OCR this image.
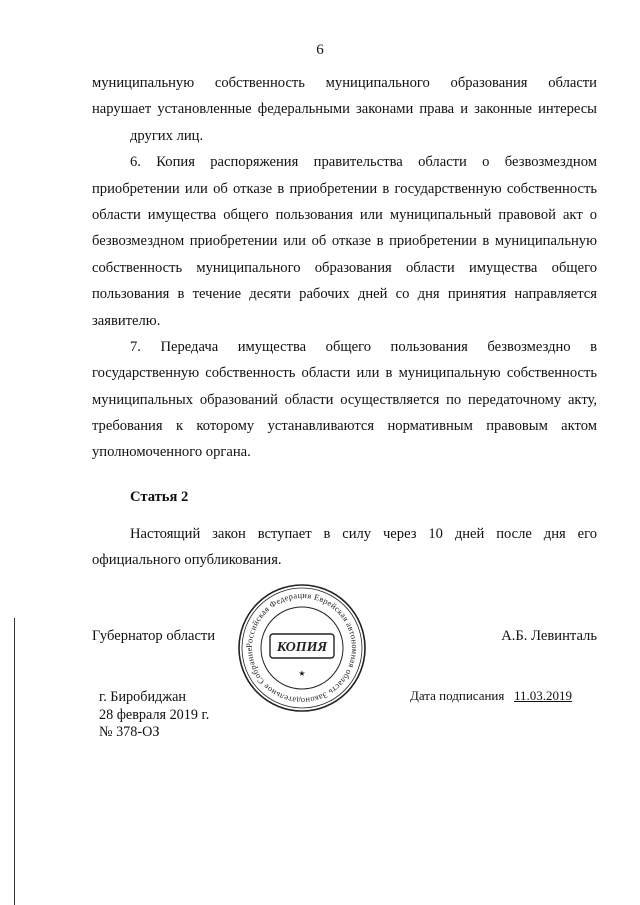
6
муниципальную собственность муниципального образования области
нарушает установленные федеральными законами права и законные интересы
других лиц.
6. Копия распоряжения правительства области о безвозмездном
приобретении или об отказе в приобретении в государственную собственность
области имущества общего пользования или муниципальный правовой акт о
безвозмездном приобретении или об отказе в приобретении в муниципальную
собственность муниципального образования области имущества общего
пользования в течение десяти рабочих дней со дня принятия направляется
заявителю.
7. Передача имущества общего пользования безвозмездно в
государственную собственность области или в муниципальную собственность
муниципальных образований области осуществляется по передаточному акту,
требования к которому устанавливаются нормативным правовым актом
уполномоченного органа.
Статья 2
Настоящий закон вступает в силу через 10 дней после дня его
официального опубликования.
Губернатор области	А.Б. Левинталь
Российская Федерация Еврейская автономная область Законодательное Собрание	КОПИЯ
★
Дата подписания 11.03.2019
г. Биробиджан
28 февраля 2019 г.
№ 378-ОЗ
